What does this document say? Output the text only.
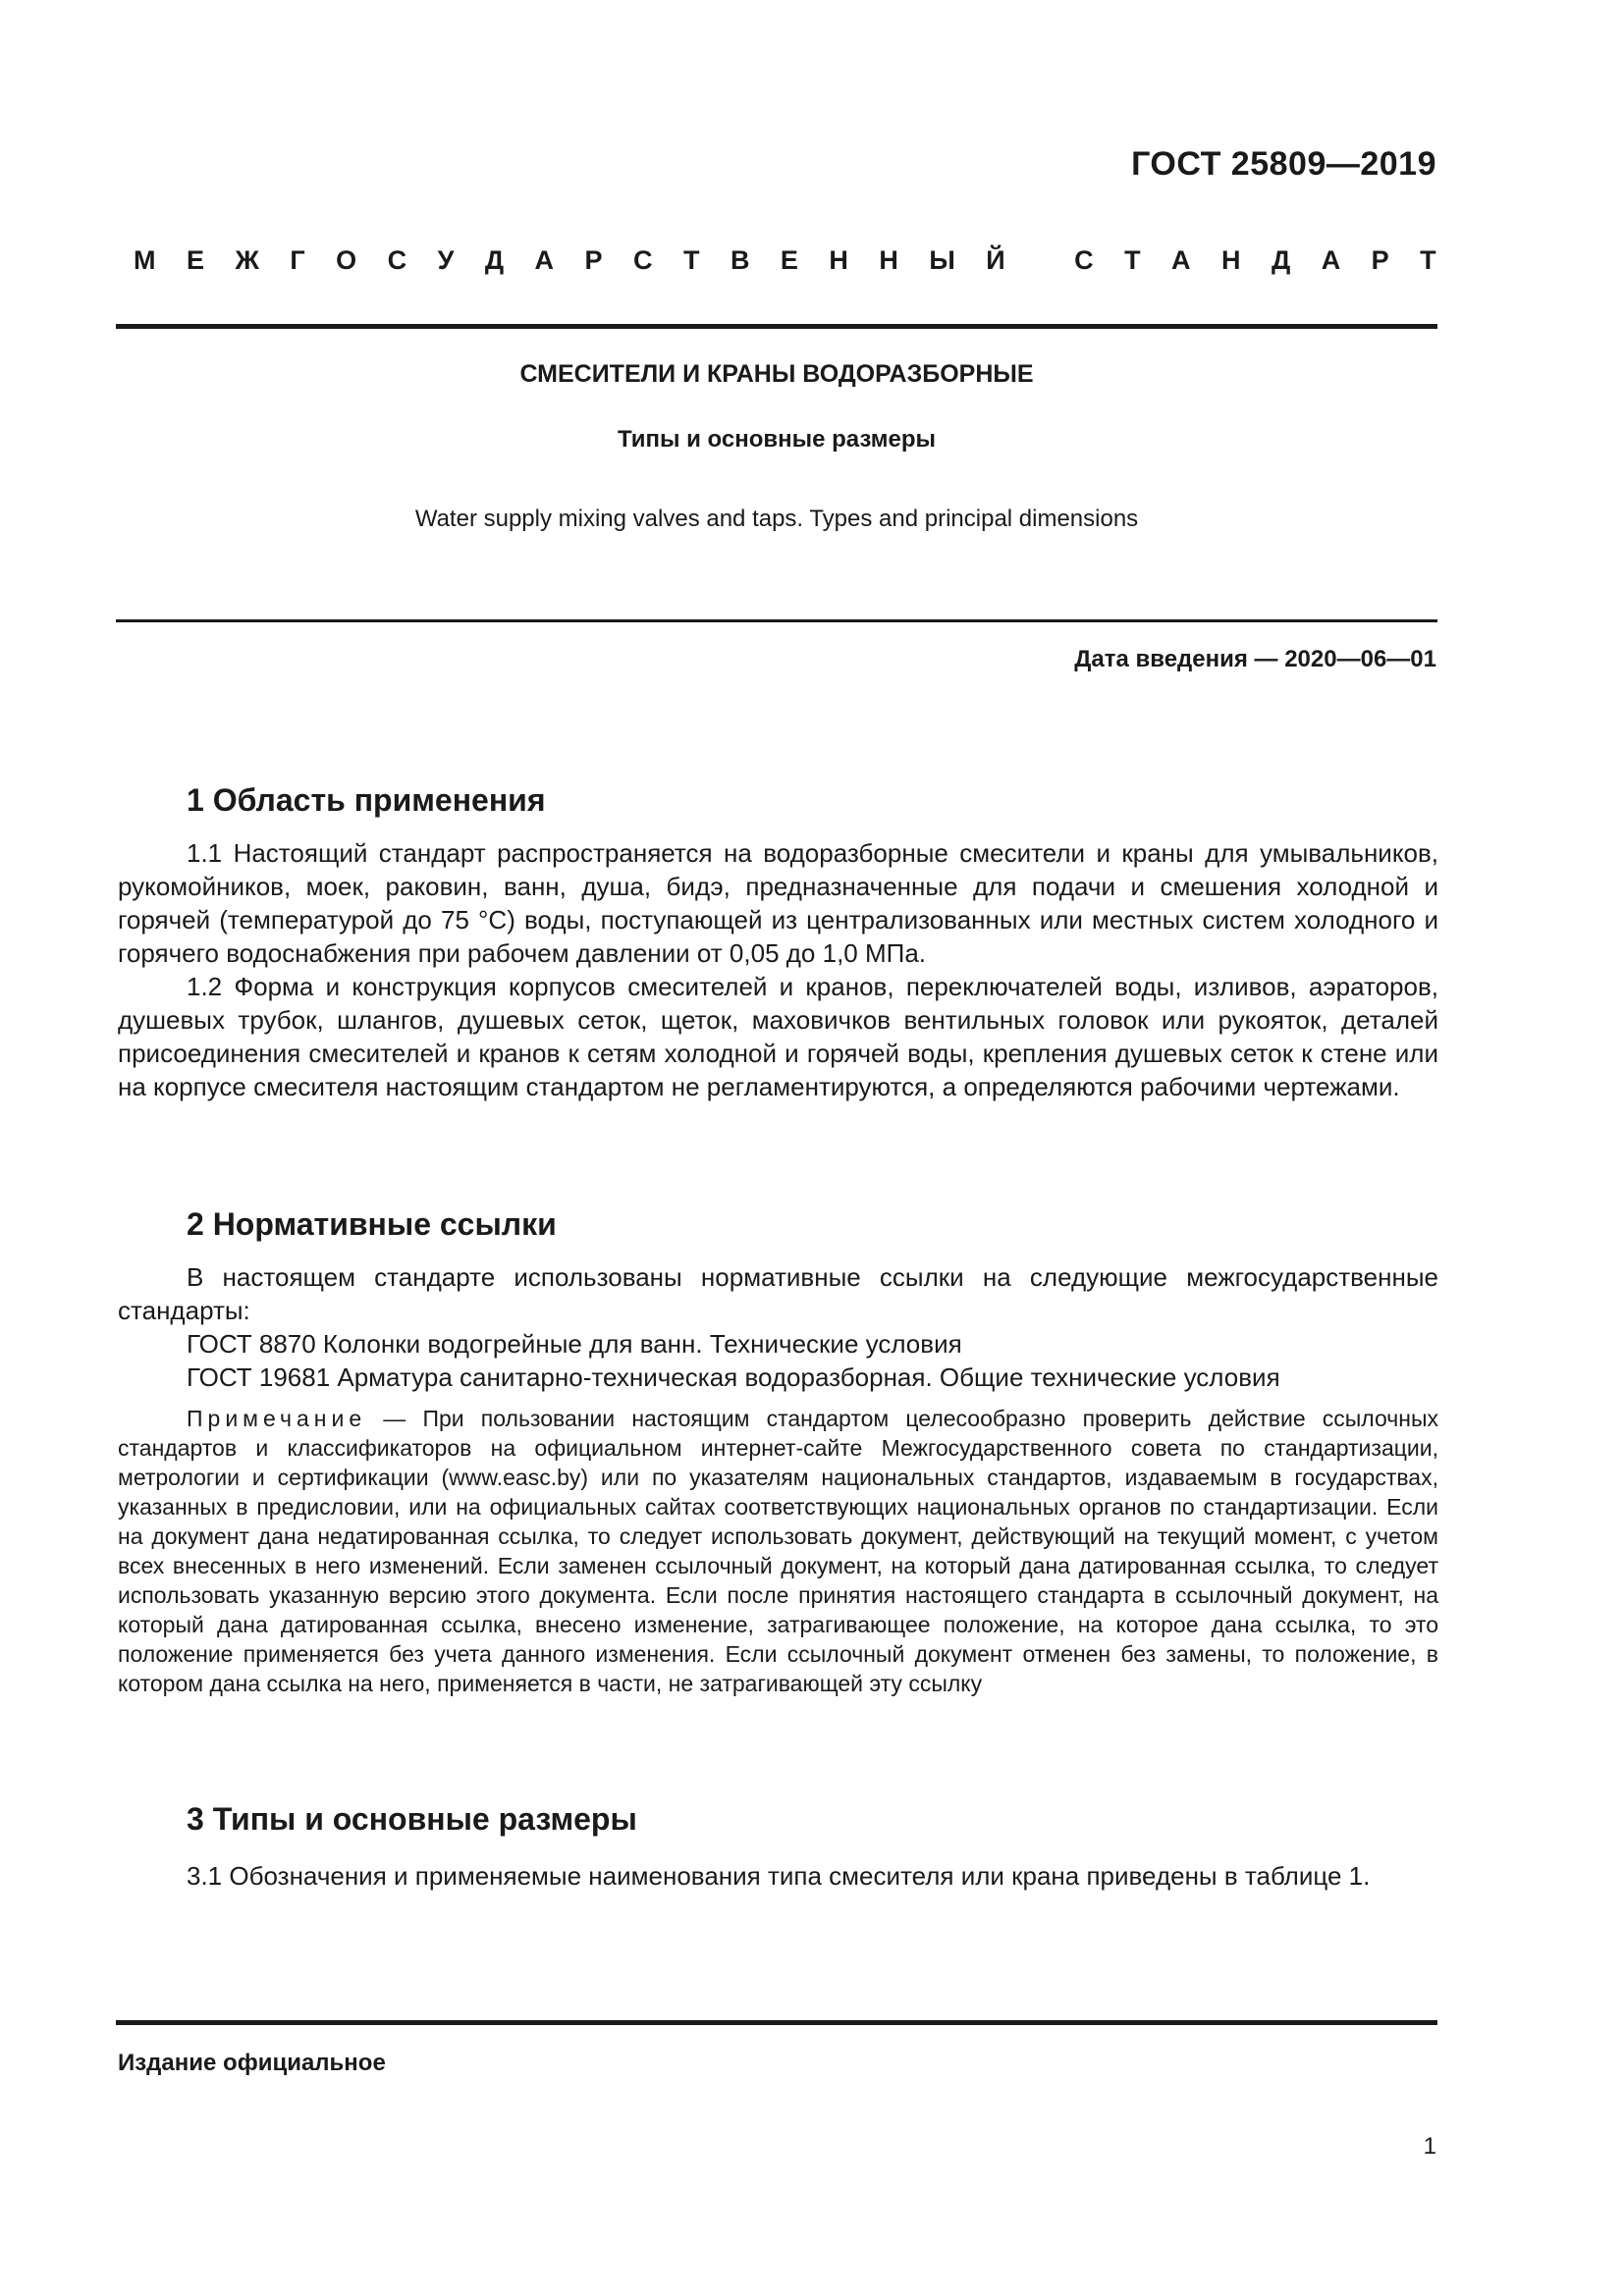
ГОСТ 25809—2019
М Е Ж Г О С У Д А Р С Т В Е Н Н Ы Й
	С Т А Н Д А Р Т
СМЕСИТЕЛИ И КРАНЫ ВОДОРАЗБОРНЫЕ
Типы и основные размеры
Water supply mixing valves and taps. Types and principal dimensions
Дата введения — 2020—06—01
1 Область применения

1.1 Настоящий стандарт распространяется на водоразборные смесители и краны для умывальников, рукомойников, моек, раковин, ванн, душа, бидэ, предназначенные для подачи и смешения холодной и горячей (температурой до 75 °С) воды, поступающей из централизованных или местных систем холодного и горячего водоснабжения при рабочем давлении от 0,05 до 1,0 МПа.

1.2 Форма и конструкция корпусов смесителей и кранов, переключателей воды, изливов, аэраторов, душевых трубок, шлангов, душевых сеток, щеток, маховичков вентильных головок или рукояток, деталей присоединения смесителей и кранов к сетям холодной и горячей воды, крепления душевых сеток к стене или на корпусе смесителя настоящим стандартом не регламентируются, а определяются рабочими чертежами.

2 Нормативные ссылки

В настоящем стандарте использованы нормативные ссылки на следующие межгосударственные стандарты:

ГОСТ 8870 Колонки водогрейные для ванн. Технические условия

ГОСТ 19681 Арматура санитарно-техническая водоразборная. Общие технические условия

Примечание — При пользовании настоящим стандартом целесообразно проверить действие ссылочных стандартов и классификаторов на официальном интернет-сайте Межгосударственного совета по стандартизации, метрологии и сертификации (www.easc.by) или по указателям национальных стандартов, издаваемым в государствах, указанных в предисловии, или на официальных сайтах соответствующих национальных органов по стандартизации. Если на документ дана недатированная ссылка, то следует использовать документ, действующий на текущий момент, с учетом всех внесенных в него изменений. Если заменен ссылочный документ, на который дана датированная ссылка, то следует использовать указанную версию этого документа. Если после принятия настоящего стандарта в ссылочный документ, на который дана датированная ссылка, внесено изменение, затрагивающее положение, на которое дана ссылка, то это положение применяется без учета данного изменения. Если ссылочный документ отменен без замены, то положение, в котором дана ссылка на него, применяется в части, не затрагивающей эту ссылку

3 Типы и основные размеры

3.1 Обозначения и применяемые наименования типа смесителя или крана приведены в таблице 1.

Издание официальное
1
